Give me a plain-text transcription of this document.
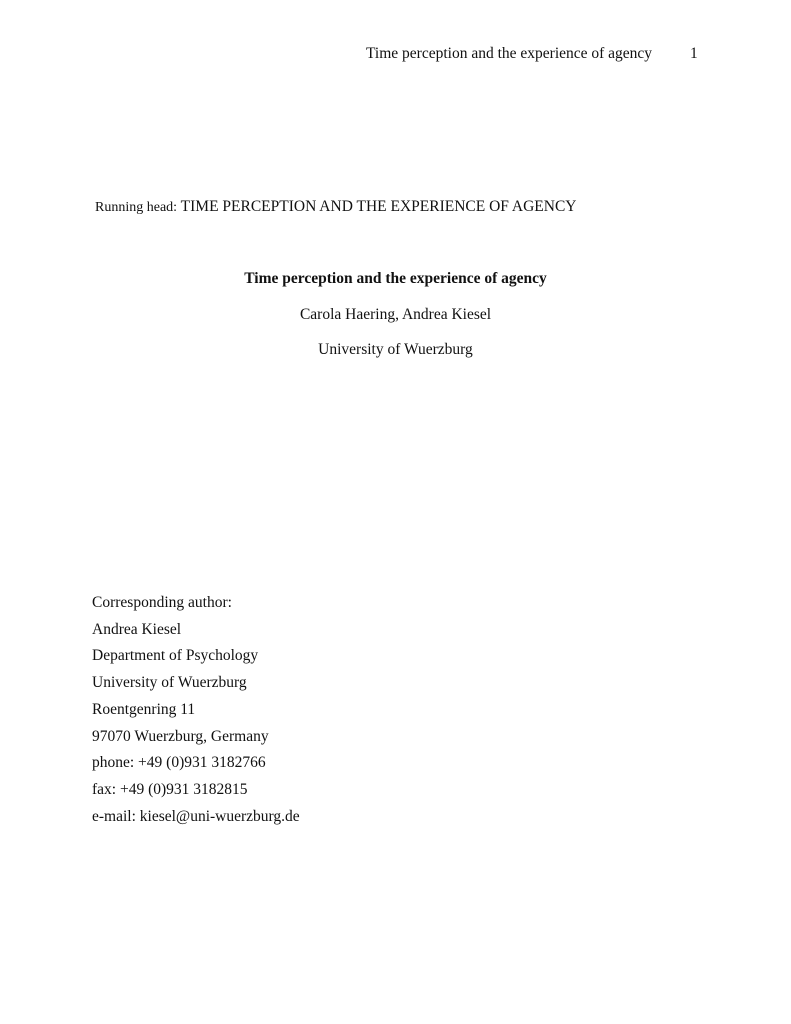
Time perception and the experience of agency 1
Running head: TIME PERCEPTION AND THE EXPERIENCE OF AGENCY
Time perception and the experience of agency
Carola Haering, Andrea Kiesel
University of Wuerzburg
Corresponding author:
Andrea Kiesel
Department of Psychology
University of Wuerzburg
Roentgenring 11
97070 Wuerzburg, Germany
phone: +49 (0)931 3182766
fax: +49 (0)931 3182815
e-mail: kiesel@uni-wuerzburg.de
